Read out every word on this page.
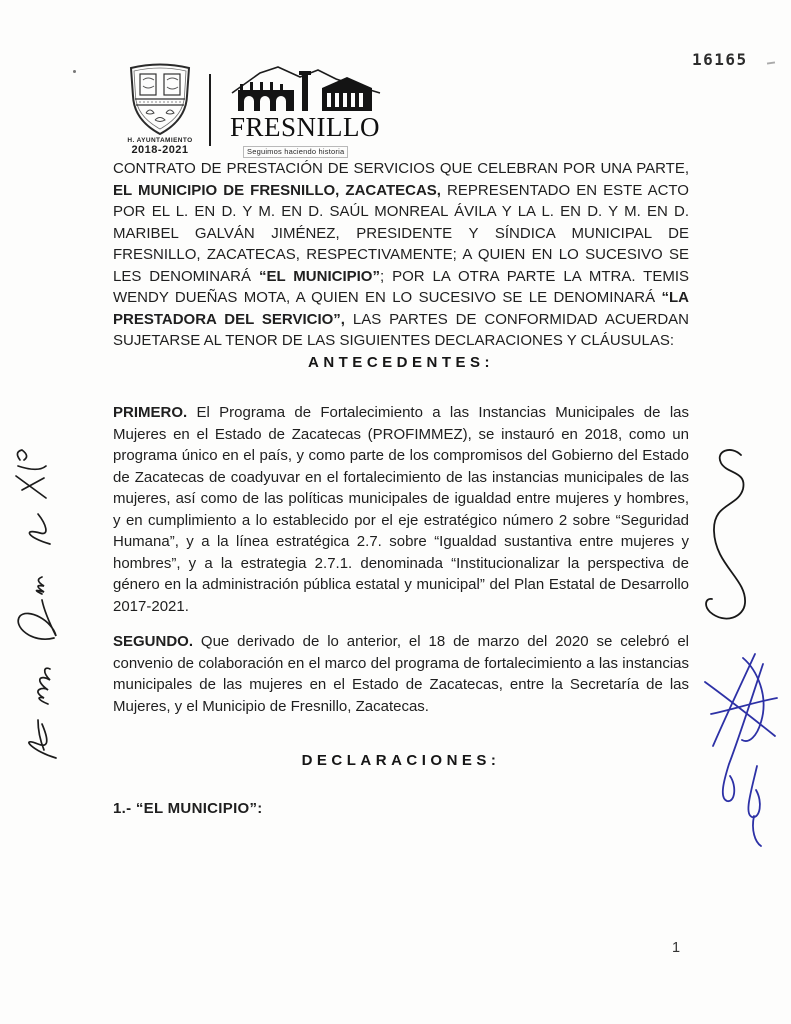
H. AYUNTAMIENTO
2018-2021
FRESNILLO
Seguimos haciendo historia
16165

CONTRATO DE PRESTACIÓN DE SERVICIOS QUE CELEBRAN POR UNA PARTE, EL MUNICIPIO DE FRESNILLO, ZACATECAS, REPRESENTADO EN ESTE ACTO POR EL L. EN D. Y M. EN D. SAÚL MONREAL ÁVILA Y LA L. EN D. Y M. EN D. MARIBEL GALVÁN JIMÉNEZ, PRESIDENTE Y SÍNDICA MUNICIPAL DE FRESNILLO, ZACATECAS, RESPECTIVAMENTE; A QUIEN EN LO SUCESIVO SE LES DENOMINARÁ “EL MUNICIPIO”; POR LA OTRA PARTE LA MTRA. TEMIS WENDY DUEÑAS MOTA, A QUIEN EN LO SUCESIVO SE LE DENOMINARÁ “LA PRESTADORA DEL SERVICIO”, LAS PARTES DE CONFORMIDAD ACUERDAN SUJETARSE AL TENOR DE LAS SIGUIENTES DECLARACIONES Y CLÁUSULAS:

ANTECEDENTES:

PRIMERO. El Programa de Fortalecimiento a las Instancias Municipales de las Mujeres en el Estado de Zacatecas (PROFIMMEZ), se instauró en 2018, como un programa único en el país, y como parte de los compromisos del Gobierno del Estado de Zacatecas de coadyuvar en el fortalecimiento de las instancias municipales de las mujeres, así como de las políticas municipales de igualdad entre mujeres y hombres, y en cumplimiento a lo establecido por el eje estratégico número 2 sobre “Seguridad Humana”, y a la línea estratégica 2.7. sobre “Igualdad sustantiva entre mujeres y hombres”, y a la estrategia 2.7.1. denominada “Institucionalizar la perspectiva de género en la administración pública estatal y municipal” del Plan Estatal de Desarrollo 2017-2021.

SEGUNDO. Que derivado de lo anterior, el 18 de marzo del 2020 se celebró el convenio de colaboración en el marco del programa de fortalecimiento a las instancias municipales de las mujeres en el Estado de Zacatecas, entre la Secretaría de las Mujeres, y el Municipio de Fresnillo, Zacatecas.

DECLARACIONES:

1.- “EL MUNICIPIO”:

1
